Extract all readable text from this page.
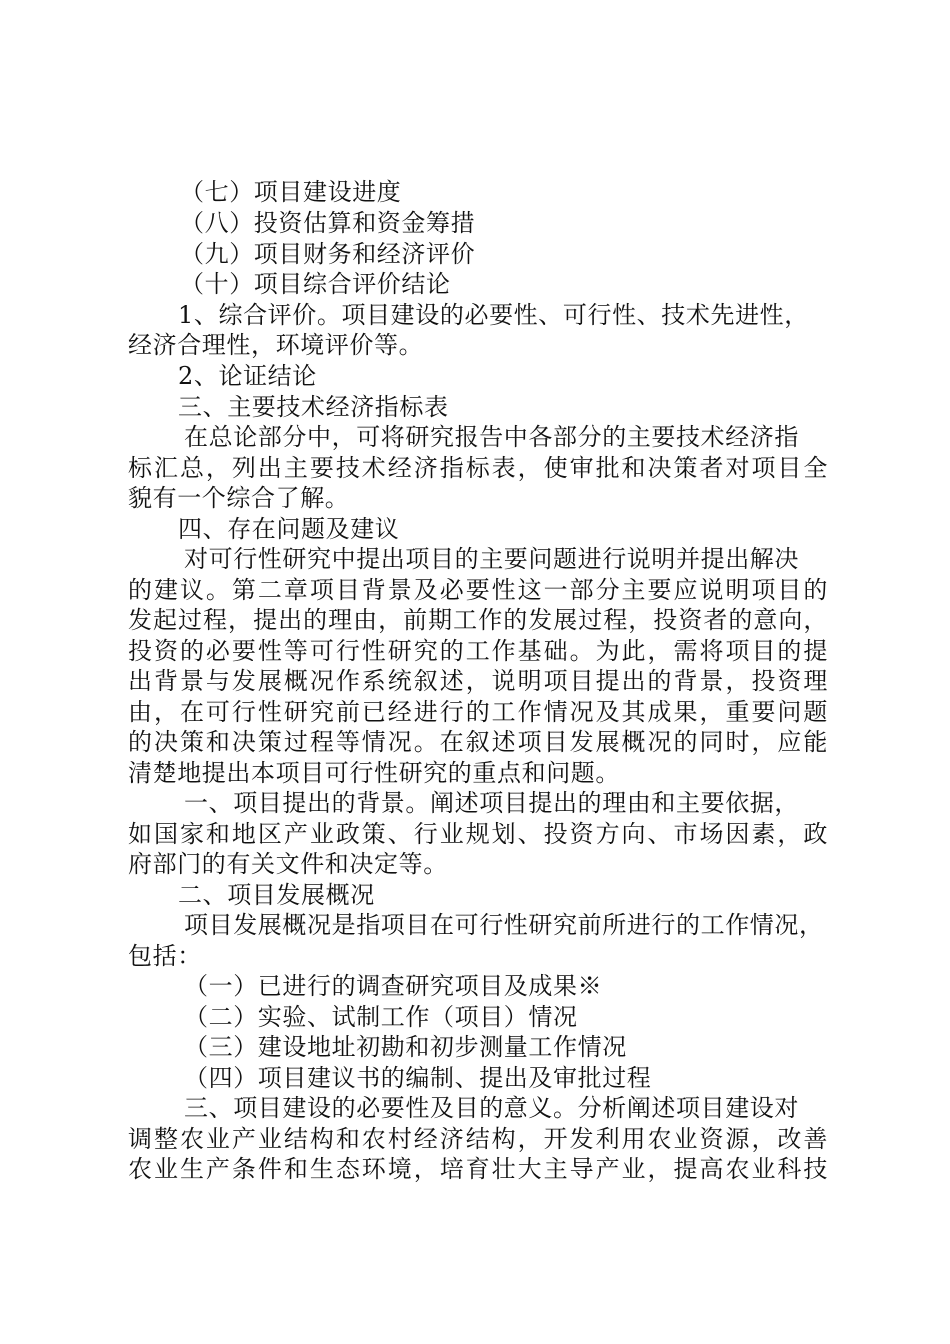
（七）项目建设进度
（八）投资估算和资金筹措
（九）项目财务和经济评价
（十）项目综合评价结论
1、综合评价。项目建设的必要性、可行性、技术先进性，
经济合理性，环境评价等。
2、论证结论
三、主要技术经济指标表
在总论部分中，可将研究报告中各部分的主要技术经济指
标汇总，列出主要技术经济指标表，使审批和决策者对项目全
貌有一个综合了解。
四、存在问题及建议
对可行性研究中提出项目的主要问题进行说明并提出解决
的建议。第二章项目背景及必要性这一部分主要应说明项目的
发起过程，提出的理由，前期工作的发展过程，投资者的意向，
投资的必要性等可行性研究的工作基础。为此，需将项目的提
出背景与发展概况作系统叙述，说明项目提出的背景，投资理
由，在可行性研究前已经进行的工作情况及其成果，重要问题
的决策和决策过程等情况。在叙述项目发展概况的同时，应能
清楚地提出本项目可行性研究的重点和问题。
一、项目提出的背景。阐述项目提出的理由和主要依据，
如国家和地区产业政策、行业规划、投资方向、市场因素，政
府部门的有关文件和决定等。
二、项目发展概况
项目发展概况是指项目在可行性研究前所进行的工作情况，
包括：
（一）已进行的调查研究项目及成果※
（二）实验、试制工作（项目）情况
（三）建设地址初勘和初步测量工作情况
（四）项目建议书的编制、提出及审批过程
三、项目建设的必要性及目的意义。分析阐述项目建设对
调整农业产业结构和农村经济结构，开发利用农业资源，改善
农业生产条件和生态环境，培育壮大主导产业，提高农业科技
